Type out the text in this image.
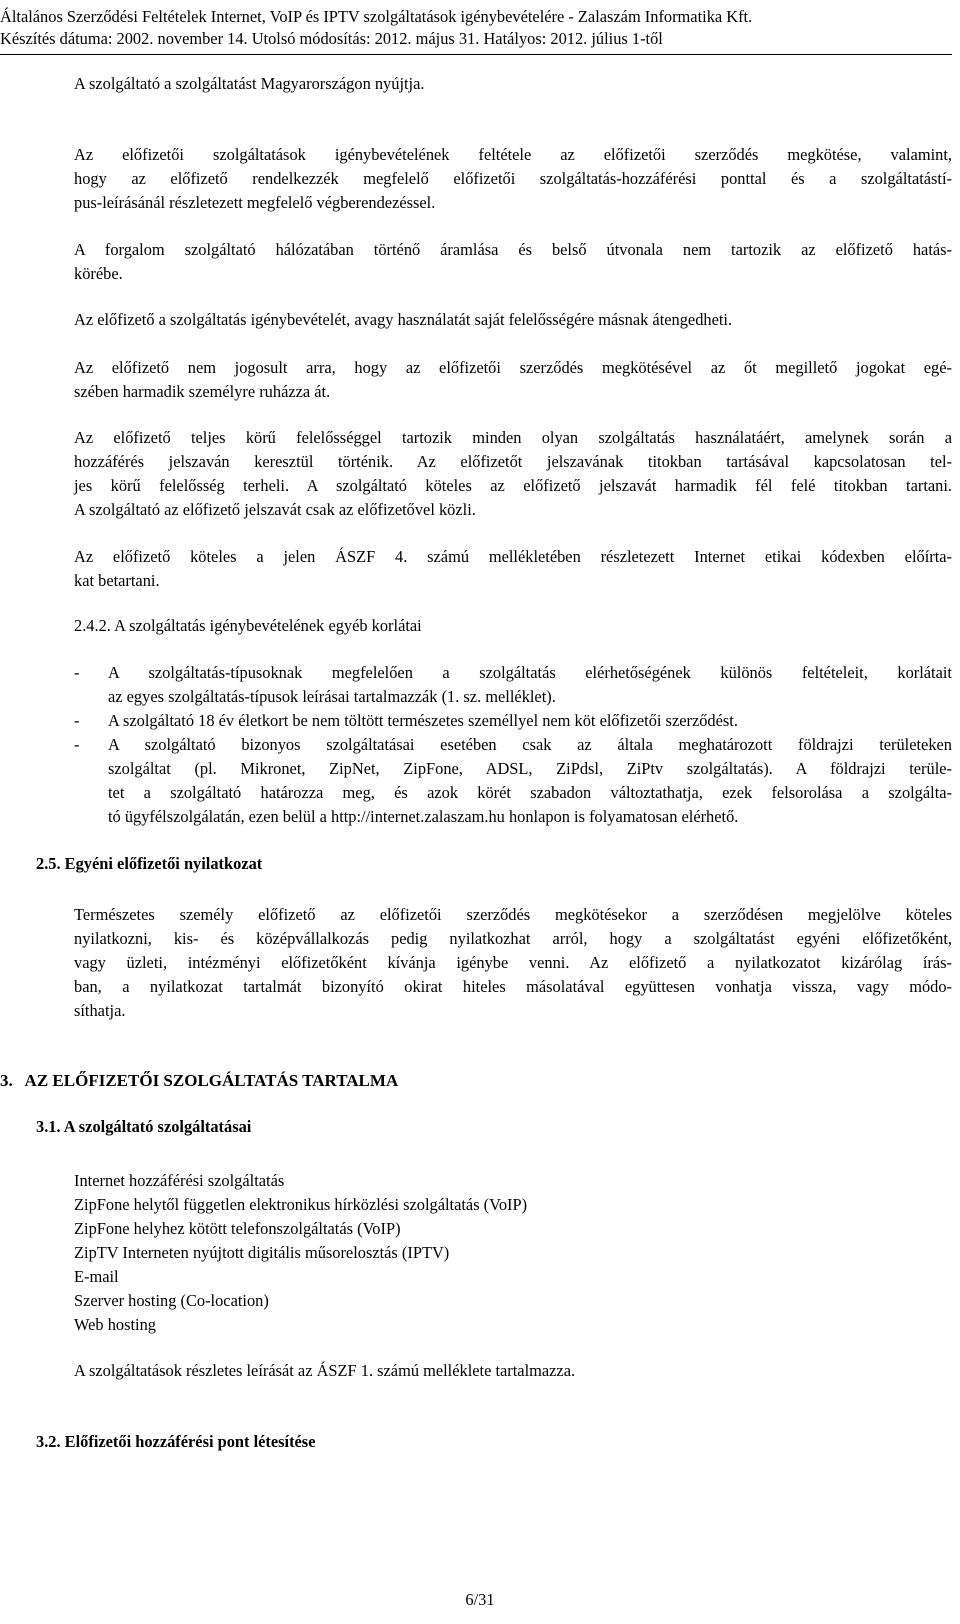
Általános Szerződési Feltételek Internet, VoIP és IPTV szolgáltatások igénybevételére - Zalaszám Informatika Kft.
Készítés dátuma: 2002. november 14. Utolsó módosítás: 2012. május 31. Hatályos: 2012. július 1-től
A szolgáltató a szolgáltatást Magyarországon nyújtja.
Az előfizetői szolgáltatások igénybevételének feltétele az előfizetői szerződés megkötése, valamint,
hogy az előfizető rendelkezzék megfelelő előfizetői szolgáltatás-hozzáférési ponttal és a szolgáltatástí-
pus-leírásánál részletezett megfelelő végberendezéssel.
A forgalom szolgáltató hálózatában történő áramlása és belső útvonala nem tartozik az előfizető hatás-
körébe.
Az előfizető a szolgáltatás igénybevételét, avagy használatát saját felelősségére másnak átengedheti.
Az előfizető nem jogosult arra, hogy az előfizetői szerződés megkötésével az őt megillető jogokat egé-
szében harmadik személyre ruházza át.
Az előfizető teljes körű felelősséggel tartozik minden olyan szolgáltatás használatáért, amelynek során a
hozzáférés jelszaván keresztül történik. Az előfizetőt jelszavának titokban tartásával kapcsolatosan tel-
jes körű felelősség terheli. A szolgáltató köteles az előfizető jelszavát harmadik fél felé titokban tartani.
A szolgáltató az előfizető jelszavát csak az előfizetővel közli.
Az előfizető köteles a jelen ÁSZF 4. számú mellékletében részletezett Internet etikai kódexben előírta-
kat betartani.
2.4.2. A szolgáltatás igénybevételének egyéb korlátai
- A szolgáltatás-típusoknak megfelelően a szolgáltatás elérhetőségének különös feltételeit, korlátait
az egyes szolgáltatás-típusok leírásai tartalmazzák (1. sz. melléklet).
- A szolgáltató 18 év életkort be nem töltött természetes személlyel nem köt előfizetői szerződést.
- A szolgáltató bizonyos szolgáltatásai esetében csak az általa meghatározott földrajzi területeken
szolgáltat (pl. Mikronet, ZipNet, ZipFone, ADSL, ZiPdsl, ZiPtv szolgáltatás). A földrajzi terüle-
tet a szolgáltató határozza meg, és azok körét szabadon változtathatja, ezek felsorolása a szolgálta-
tó ügyfélszolgálatán, ezen belül a http://internet.zalaszam.hu honlapon is folyamatosan elérhető.
2.5. Egyéni előfizetői nyilatkozat
Természetes személy előfizető az előfizetői szerződés megkötésekor a szerződésen megjelölve köteles
nyilatkozni, kis- és középvállalkozás pedig nyilatkozhat arról, hogy a szolgáltatást egyéni előfizetőként,
vagy üzleti, intézményi előfizetőként kívánja igénybe venni. Az előfizető a nyilatkozatot kizárólag írás-
ban, a nyilatkozat tartalmát bizonyító okirat hiteles másolatával együttesen vonhatja vissza, vagy módo-
síthatja.
3.   AZ ELŐFIZETŐI SZOLGÁLTATÁS TARTALMA
3.1. A szolgáltató szolgáltatásai
Internet hozzáférési szolgáltatás
ZipFone helytől független elektronikus hírközlési szolgáltatás (VoIP)
ZipFone helyhez kötött telefonszolgáltatás (VoIP)
ZipTV Interneten nyújtott digitális műsorelosztás (IPTV)
E-mail
Szerver hosting (Co-location)
Web hosting
A szolgáltatások részletes leírását az ÁSZF 1. számú melléklete tartalmazza.
3.2. Előfizetői hozzáférési pont létesítése
6/31
